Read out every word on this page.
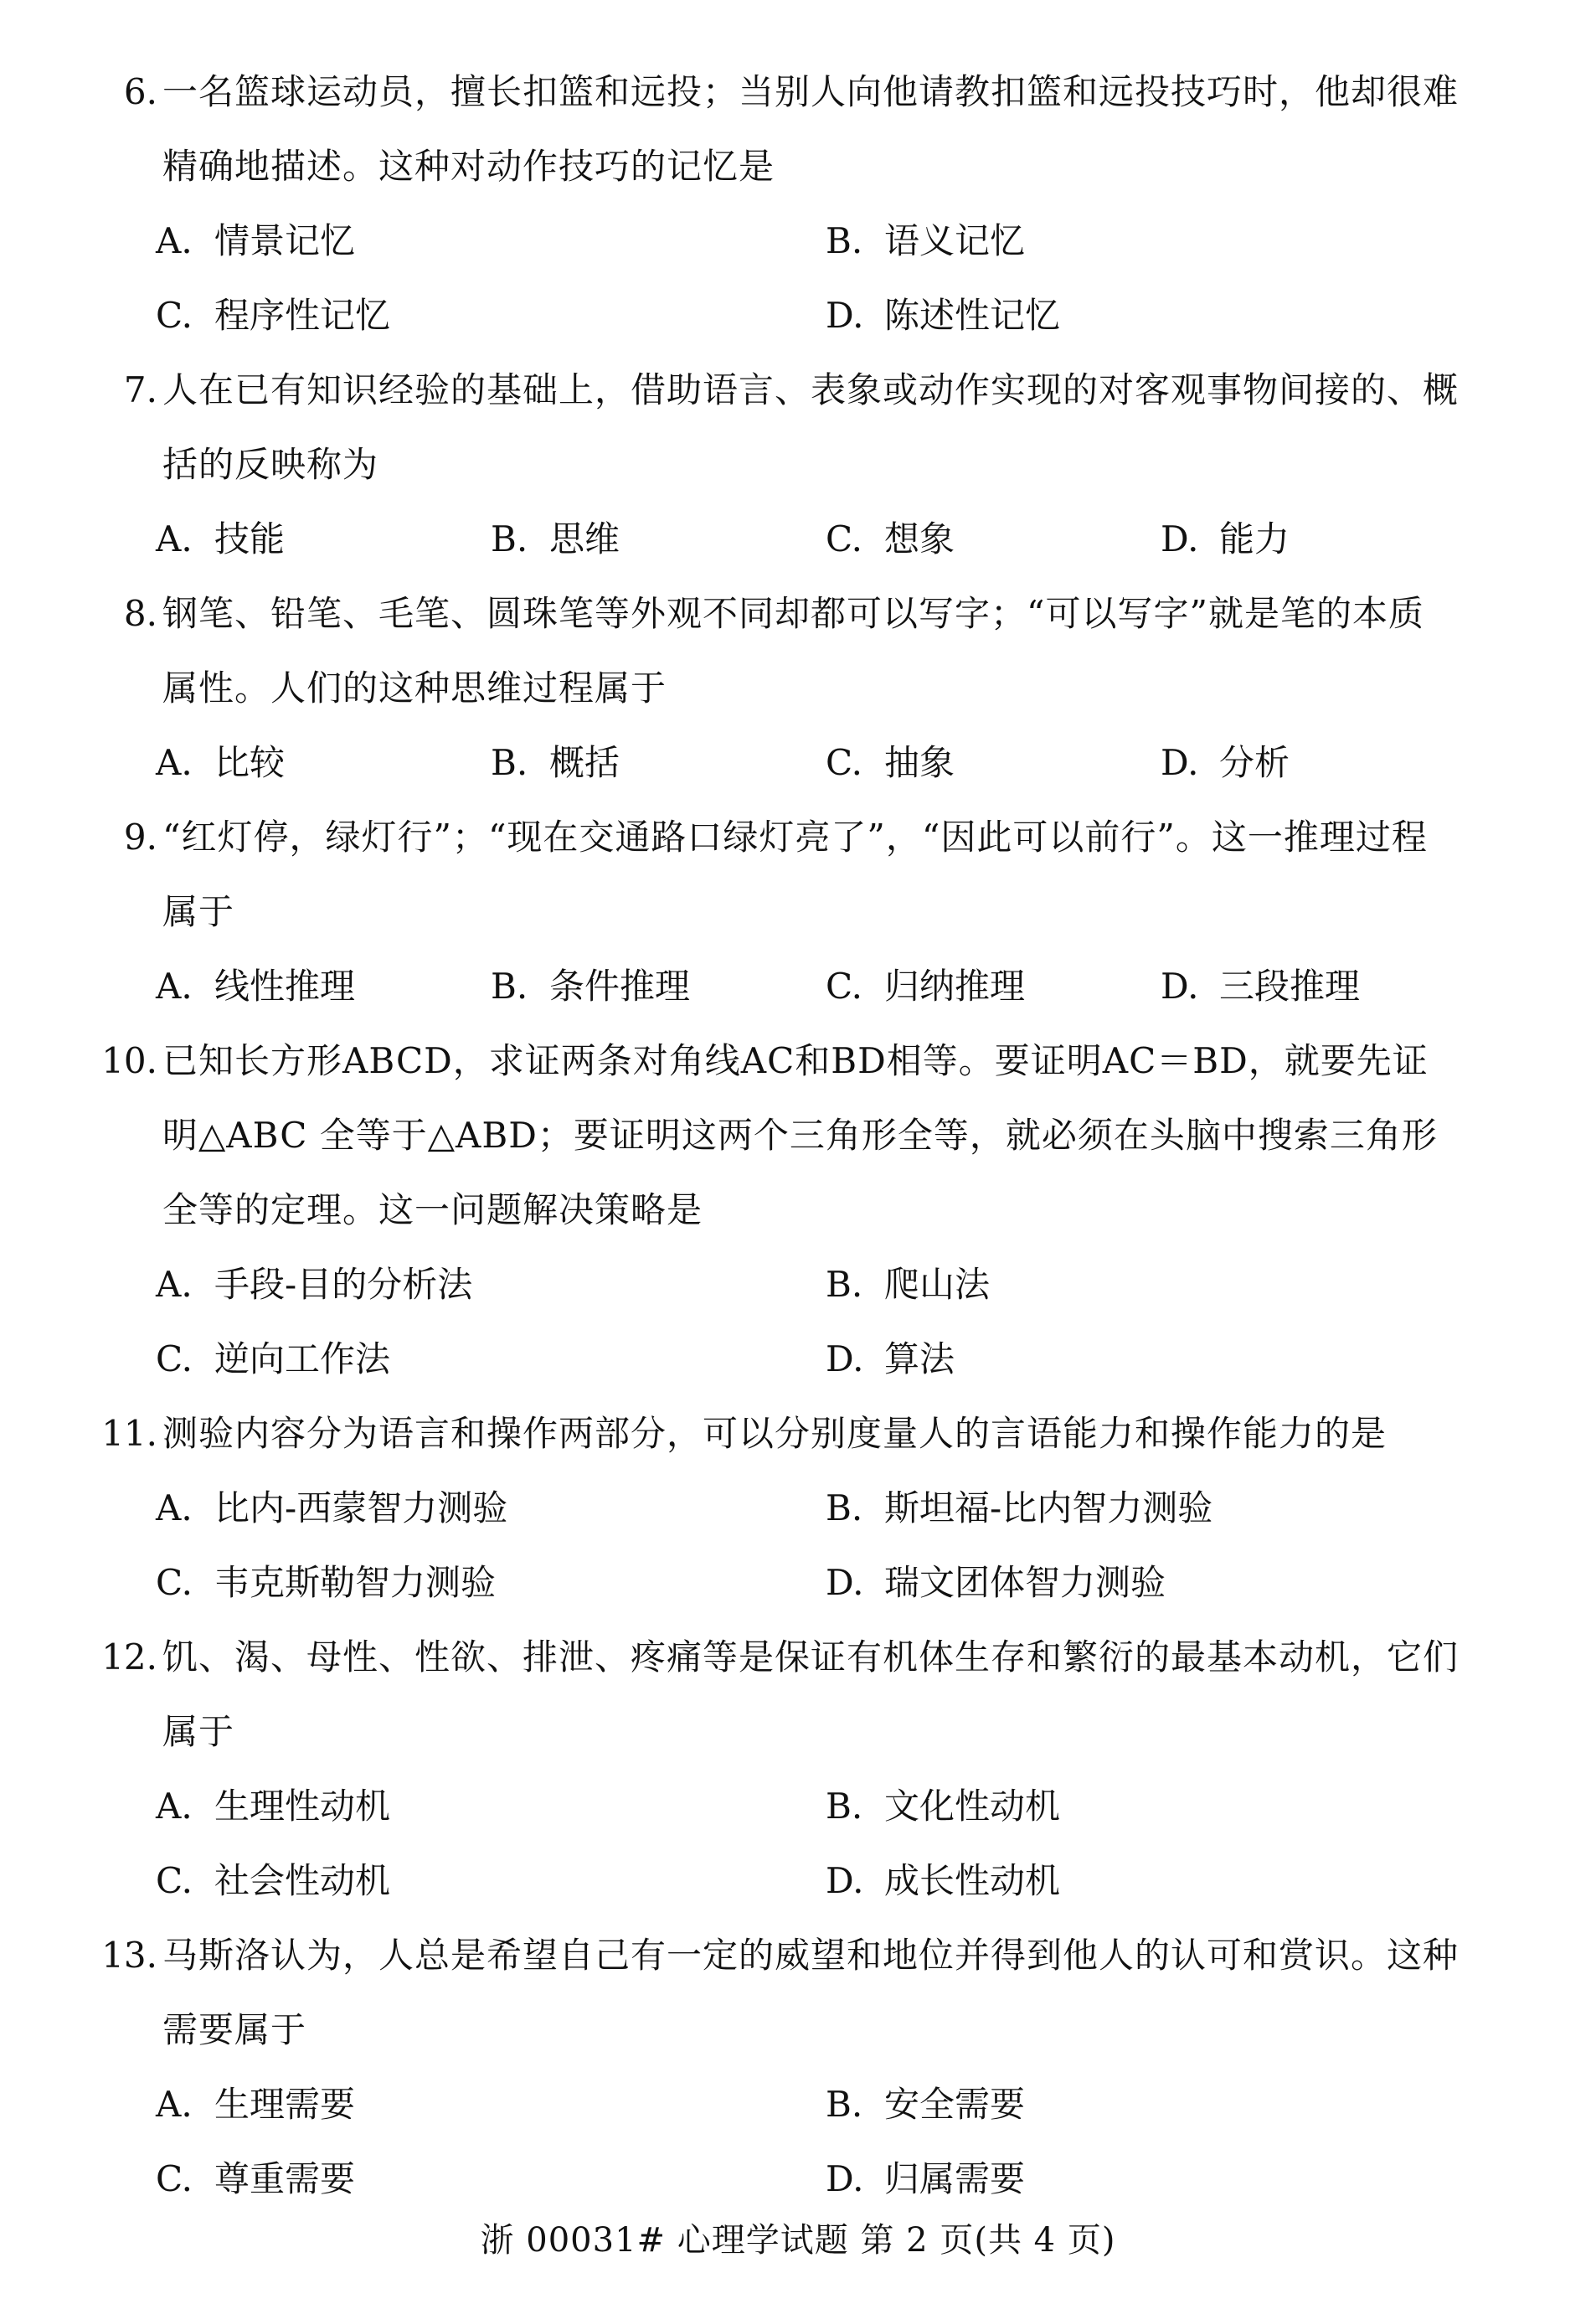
6. 一名篮球运动员，擅长扣篮和远投；当别人向他请教扣篮和远投技巧时，他却很难
精确地描述。这种对动作技巧的记忆是
A. 情景记忆	B. 语义记忆
C. 程序性记忆	D. 陈述性记忆
7. 人在已有知识经验的基础上，借助语言、表象或动作实现的对客观事物间接的、概
括的反映称为
A. 技能	B. 思维	C. 想象	D. 能力
8. 钢笔、铅笔、毛笔、圆珠笔等外观不同却都可以写字；“可以写字”就是笔的本质
属性。人们的这种思维过程属于
A. 比较	B. 概括	C. 抽象	D. 分析
9. “红灯停，绿灯行”；“现在交通路口绿灯亮了”，“因此可以前行”。这一推理过程
属于
A. 线性推理	B. 条件推理	C. 归纳推理	D. 三段推理
10. 已知长方形ABCD，求证两条对角线AC和BD相等。要证明AC＝BD，就要先证
明△ABC 全等于△ABD；要证明这两个三角形全等，就必须在头脑中搜索三角形
全等的定理。这一问题解决策略是
A. 手段-目的分析法	B. 爬山法
C. 逆向工作法	D. 算法
11. 测验内容分为语言和操作两部分，可以分别度量人的言语能力和操作能力的是
A. 比内-西蒙智力测验	B. 斯坦福-比内智力测验
C. 韦克斯勒智力测验	D. 瑞文团体智力测验
12. 饥、渴、母性、性欲、排泄、疼痛等是保证有机体生存和繁衍的最基本动机，它们
属于
A. 生理性动机	B. 文化性动机
C. 社会性动机	D. 成长性动机
13. 马斯洛认为，人总是希望自己有一定的威望和地位并得到他人的认可和赏识。这种
需要属于
A. 生理需要	B. 安全需要
C. 尊重需要	D. 归属需要
浙 00031# 心理学试题 第 2 页(共 4 页)
